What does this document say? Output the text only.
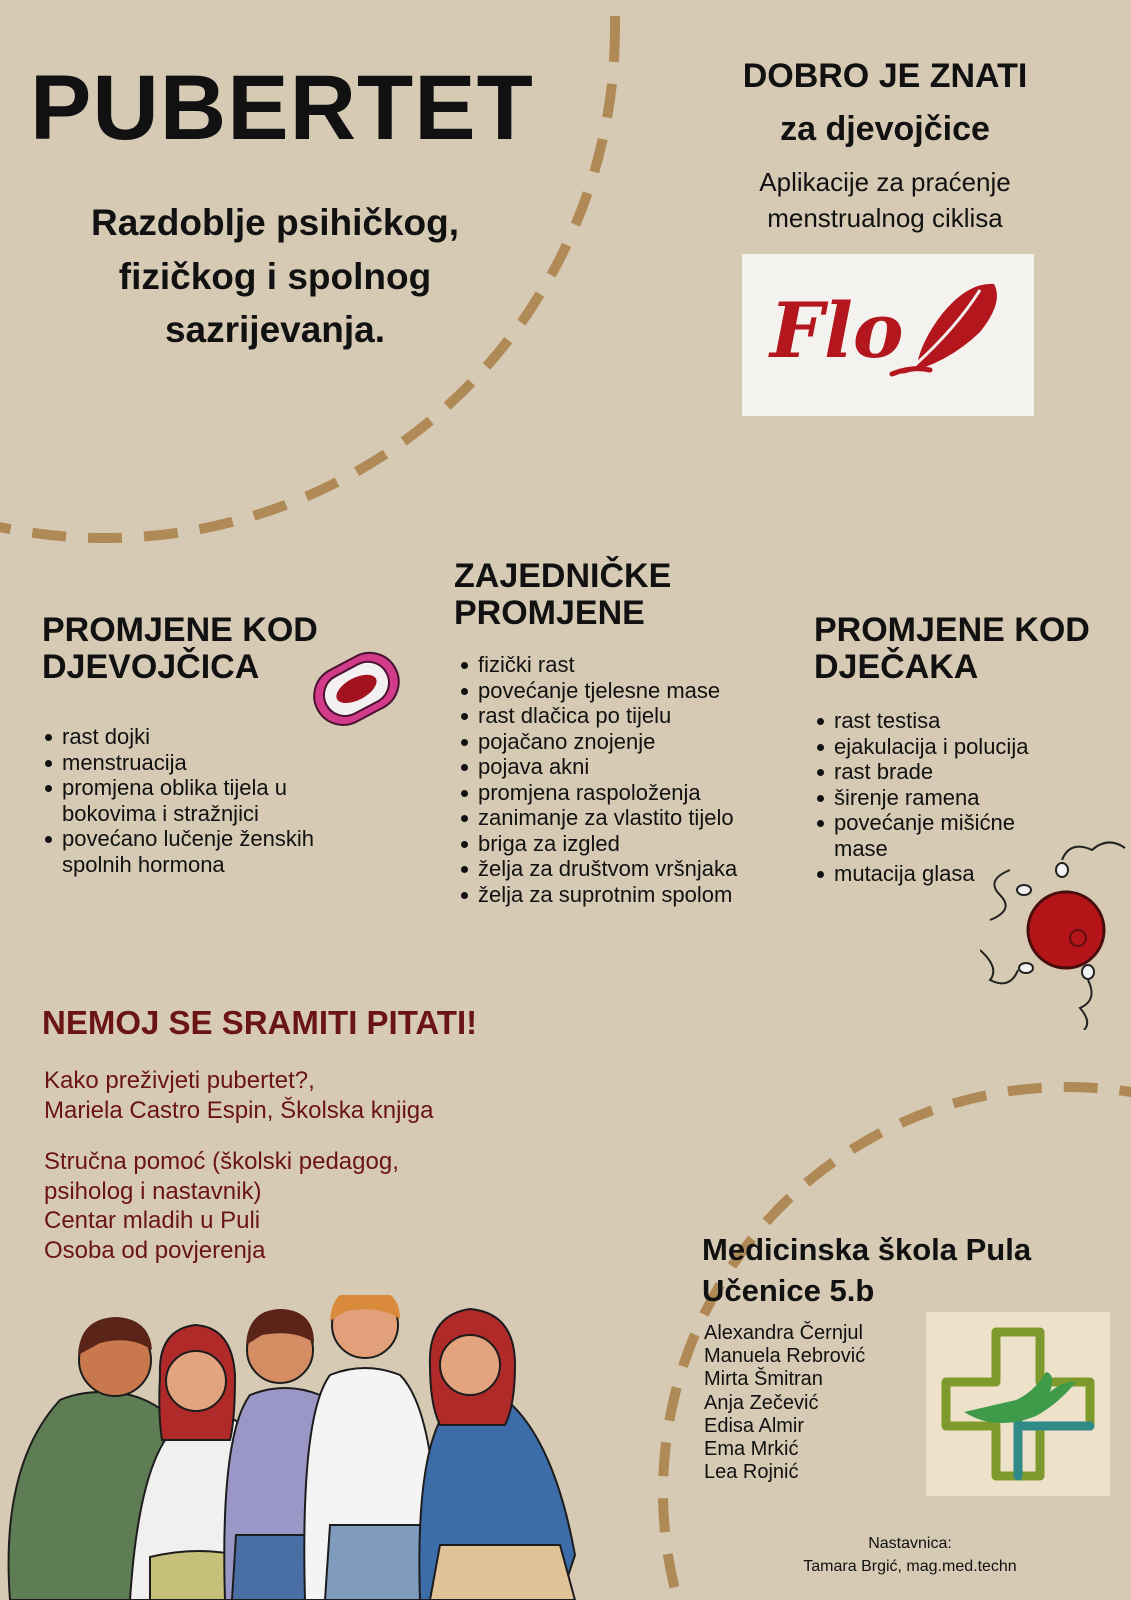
PUBERTET
Razdoblje psihičkog, fizičkog i spolnog sazrijevanja.
DOBRO JE ZNATI
za djevojčice
Aplikacije za praćenje menstrualnog ciklisa
Flo
PROMJENE KOD
DJEVOJČICA
rast dojki
menstruacija
promjena oblika tijela u bokovima i stražnjici
povećano lučenje ženskih spolnih hormona
ZAJEDNIČKE
PROMJENE
fizički rast
povećanje tjelesne mase
rast dlačica po tijelu
pojačano znojenje
pojava akni
promjena raspoloženja
zanimanje za vlastito tijelo
briga za izgled
želja za društvom vršnjaka
želja za suprotnim spolom
PROMJENE KOD
DJEČAKA
rast testisa
ejakulacija i polucija
rast brade
širenje ramena
povećanje mišićne mase
mutacija glasa
NEMOJ SE SRAMITI PITATI!

Kako preživjeti pubertet?,

Mariela Castro Espin, Školska knjiga

Stručna pomoć (školski pedagog,

psiholog i nastavnik)

Centar mladih u Puli

Osoba od povjerenja	Medicinska škola Pula
Učenice 5.b
Alexandra Černjul
Manuela Rebrović
Mirta Šmitran
Anja Zečević
Edisa Almir
Ema Mrkić
Lea Rojnić
Nastavnica:
Tamara Brgić, mag.med.techn
